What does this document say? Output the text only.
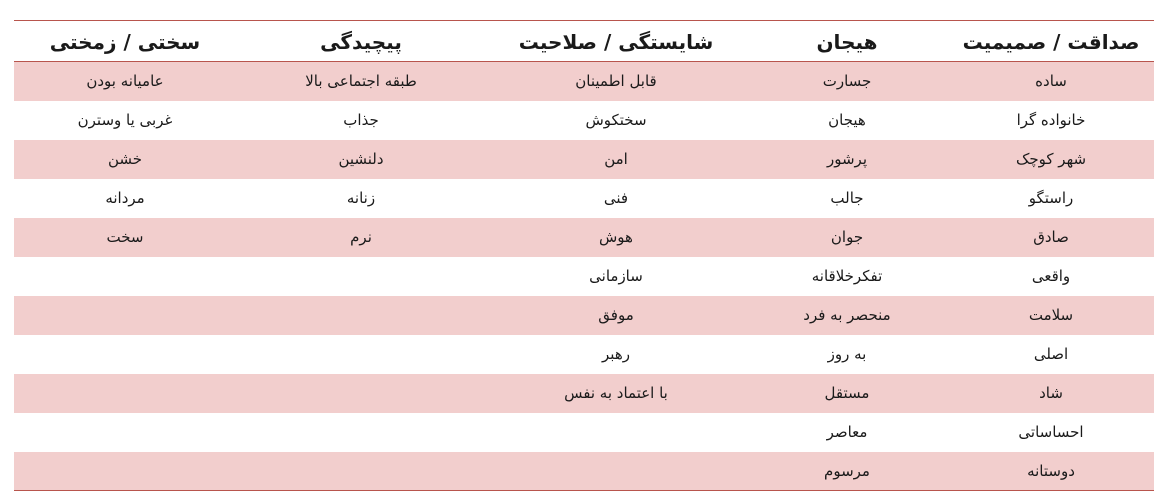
صداقت / صمیمیت
هیجان
شایستگی / صلاحیت
پیچیدگی
سختی / زمختی
ساده
جسارت
قابل اطمینان
طبقه اجتماعی بالا
عامیانه بودن
خانواده گرا
هیجان
سختکوش
جذاب
غربی یا وسترن
شهر کوچک
پرشور
امن
دلنشین
خشن
راستگو
جالب
فنی
زنانه
مردانه
صادق
جوان
هوش
نرم
سخت
واقعی
تفکرخلاقانه
سازمانی
سلامت
منحصر به فرد
موفق
اصلی
به روز
رهبر
شاد
مستقل
با اعتماد به نفس
احساساتی
معاصر
دوستانه
مرسوم
